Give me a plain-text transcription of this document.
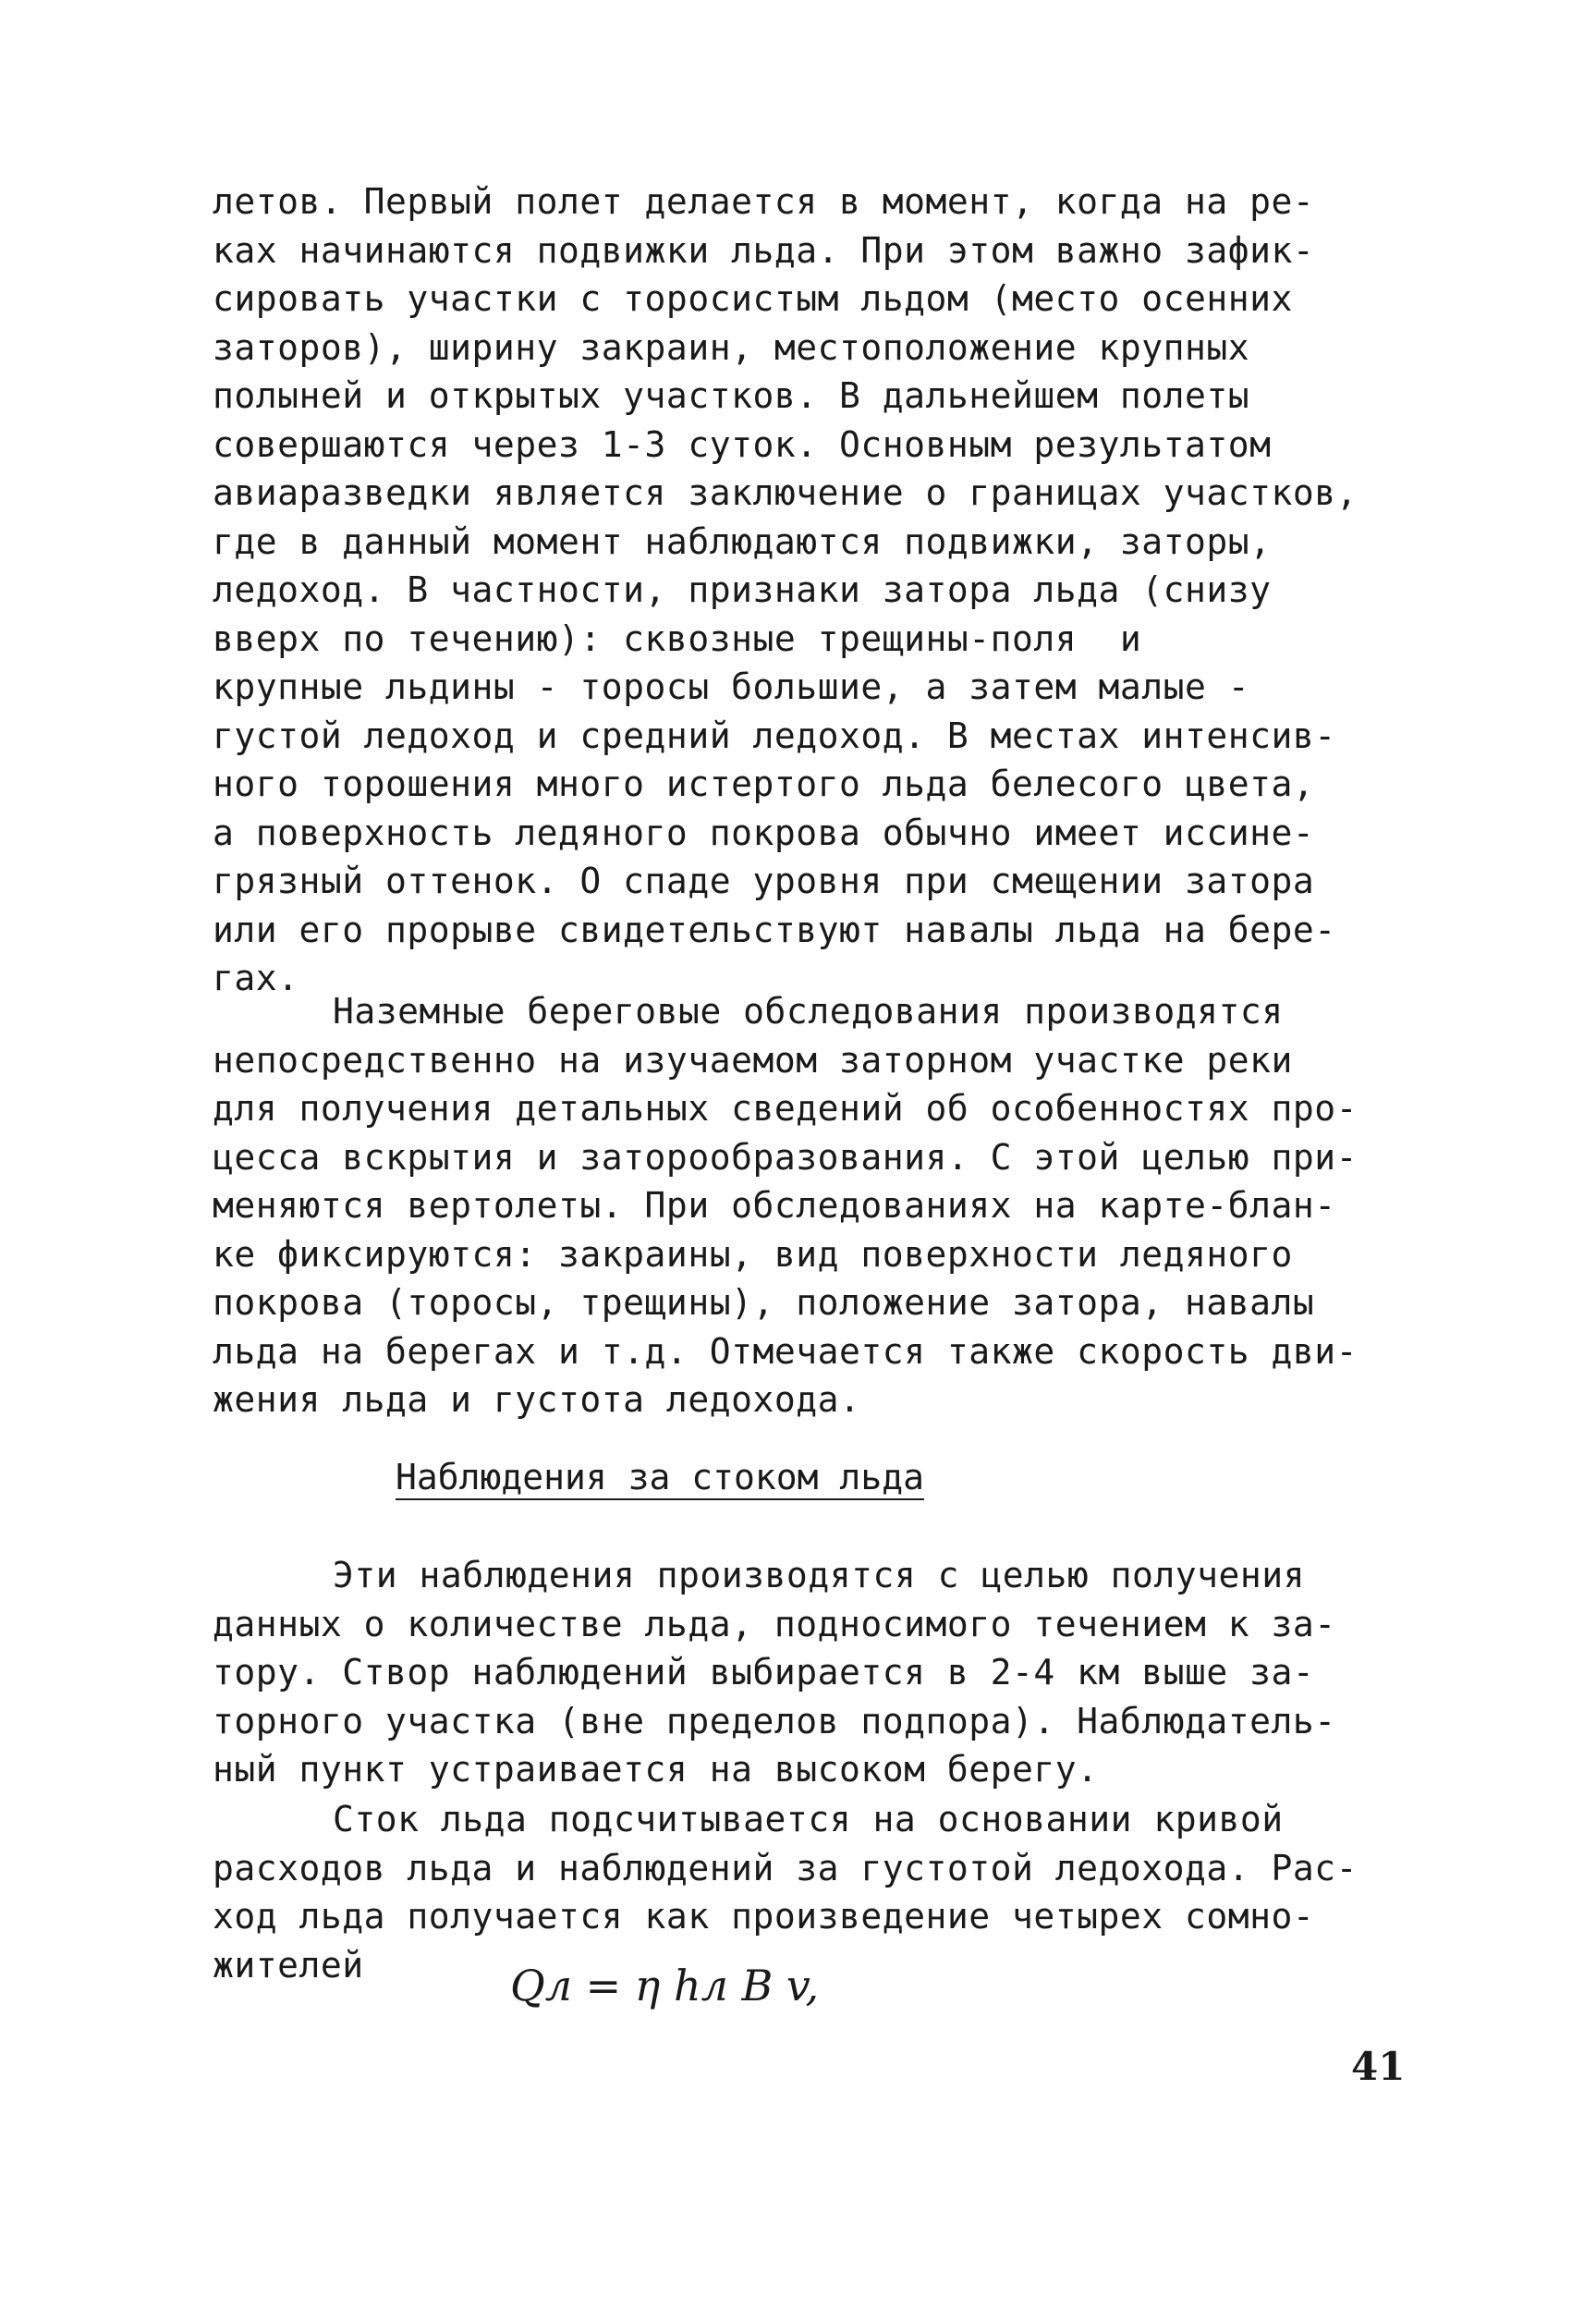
летов. Первый полет делается в момент, когда на ре-
ках начинаются подвижки льда. При этом важно зафик-
сировать участки с торосистым льдом (место осенних
заторов), ширину закраин, местоположение крупных
полыней и открытых участков. В дальнейшем полеты
совершаются через 1-3 суток. Основным результатом
авиаразведки является заключение о границах участков,
где в данный момент наблюдаются подвижки, заторы,
ледоход. В частности, признаки затора льда (снизу
вверх по течению): сквозные трещины-поля  и
крупные льдины - торосы большие, а затем малые -
густой ледоход и средний ледоход. В местах интенсив-
ного торошения много истертого льда белесого цвета,
а поверхность ледяного покрова обычно имеет иссине-
грязный оттенок. О спаде уровня при смещении затора
или его прорыве свидетельствуют навалы льда на бере-
гах.
Наземные береговые обследования производятся
непосредственно на изучаемом заторном участке реки
для получения детальных сведений об особенностях про-
цесса вскрытия и заторообразования. С этой целью при-
меняются вертолеты. При обследованиях на карте-блан-
ке фиксируются: закраины, вид поверхности ледяного
покрова (торосы, трещины), положение затора, навалы
льда на берегах и т.д. Отмечается также скорость дви-
жения льда и густота ледохода.
Наблюдения за стоком льда
Эти наблюдения производятся с целью получения
данных о количестве льда, подносимого течением к за-
тору. Створ наблюдений выбирается в 2-4 км выше за-
торного участка (вне пределов подпора). Наблюдатель-
ный пункт устраивается на высоком берегу.
Сток льда подсчитывается на основании кривой
расходов льда и наблюдений за густотой ледохода. Рас-
ход льда получается как произведение четырех сомно-
жителей	Qл = η hл B v,
41
